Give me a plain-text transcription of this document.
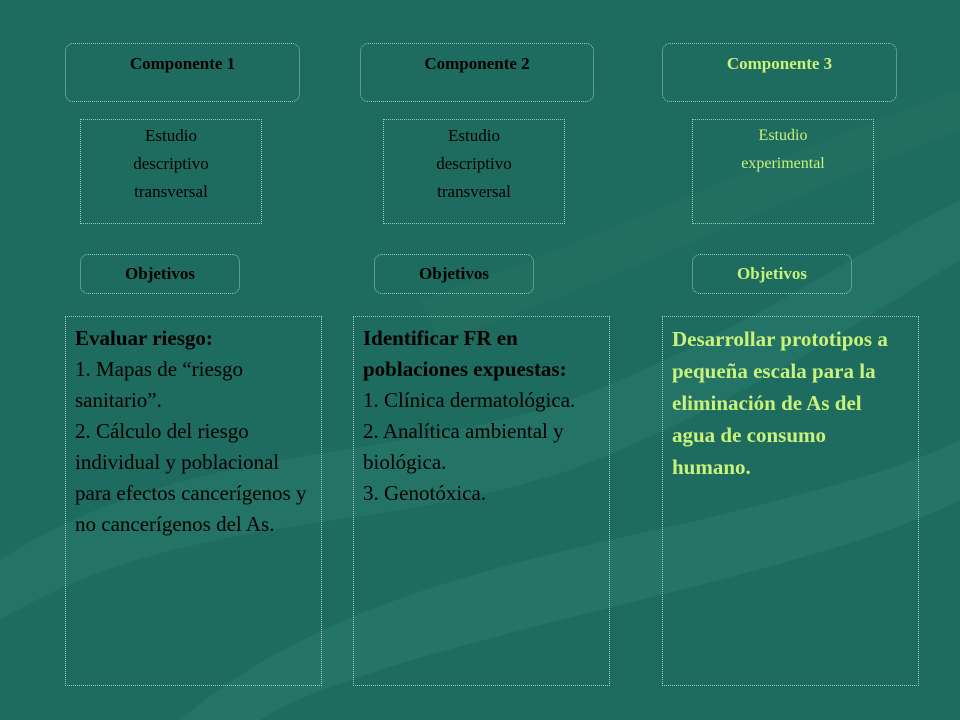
Componente 1
Estudio
descriptivo
transversal
Objetivos
Evaluar riesgo:
1. Mapas de “riesgo sanitario”.
2. Cálculo del riesgo individual y poblacional para efectos cancerígenos y no cancerígenos del As.
Componente 2
Estudio
descriptivo
transversal
Objetivos
Identificar FR en poblaciones expuestas:
1. Clínica dermatológica.
2. Analítica ambiental y biológica.
3. Genotóxica.
Componente 3
Estudio
experimental
Objetivos
Desarrollar prototipos a pequeña escala para la eliminación de As del agua de consumo humano.
